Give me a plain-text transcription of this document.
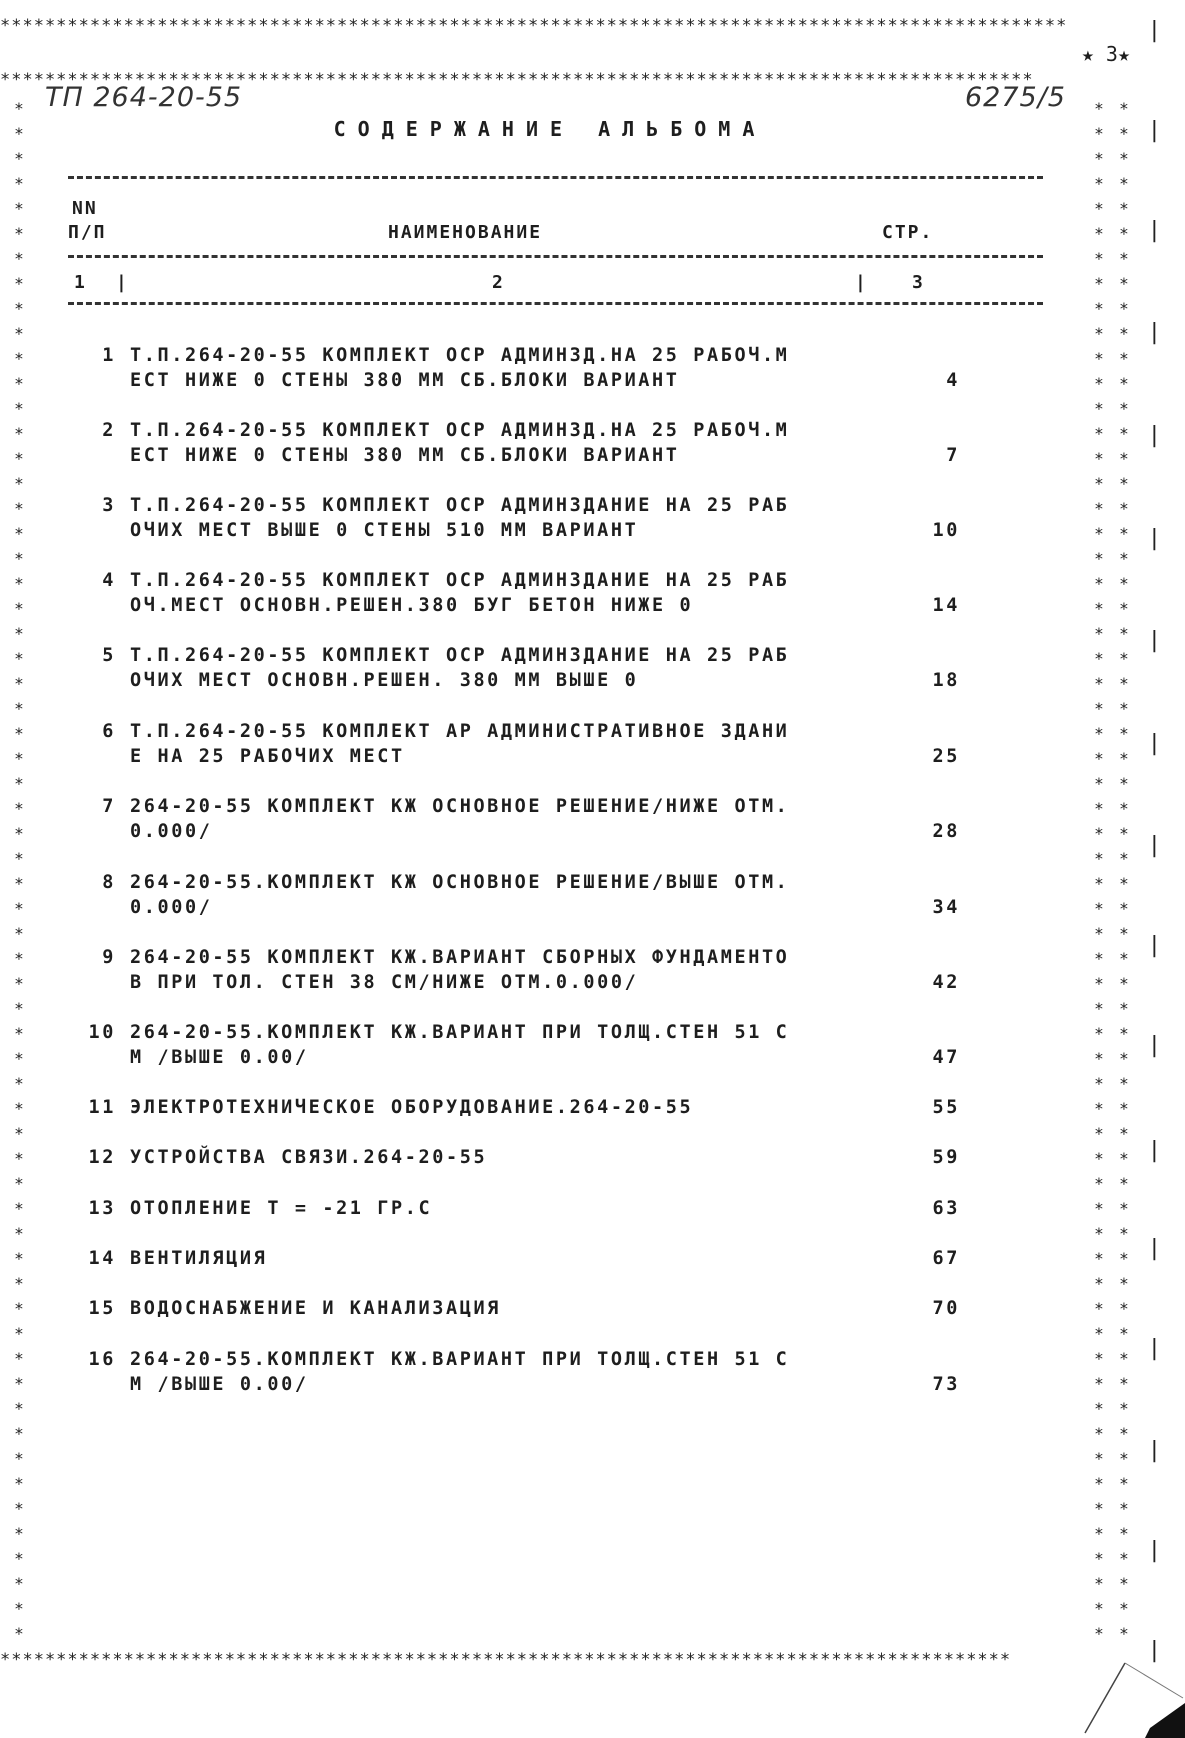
***********************************************************************************************
********************************************************************************************
******************************************************************************************
*
*
*
*
*
*
*
*
*
*
*
*
*
*
*
*
*
*
*
*
*
*
*
*
*
*
*
*
*
*
*
*
*
*
*
*
*
*
*
*
*
*
*
*
*
*
*
*
*
*
*
*
*
*
*
*
*
*
*
*
*
*
*
*
*
*
*
*
*
*
*
*
*
*
*
*
*
*
*
*
*
*
*
*
*
*
*
*
*
*
*
*
*
*
*
*
*
*
*
*
*
*
*
*
*
*
*
*
*
*
*
*
*
*
*
*
*
*
*
*
*
*
*
*
*
*
*
*
*
*
*
*
*
*
*
*
*
*
*
*
*
*
*
*
*
*
*
*
*
*
*
*
*
*
*
*
*
*
*
*
*
*
*
*
*
*
*
*
*
*
*
*
*
*
*
*
*
*
*
*
*
*
*
*
*
*
|
|
|
|
|
|
|
|
|
|
|
|
|
|
|
|
|
★ 3★
ТП 264-20-55	6275/5
СОДЕРЖАНИЕ АЛЬБОМА
NN
П/П	НАИМЕНОВАНИЕ	СТР.
1 |	2	| 3
1 Т.П.264-20-55 КОМПЛЕКТ ОСР АДМИНЗД.НА 25 РАБОЧ.М
ЕСТ НИЖЕ 0 СТЕНЫ 380 ММ СБ.БЛОКИ ВАРИАНТ	4
2 Т.П.264-20-55 КОМПЛЕКТ ОСР АДМИНЗД.НА 25 РАБОЧ.М
ЕСТ НИЖЕ 0 СТЕНЫ 380 ММ СБ.БЛОКИ ВАРИАНТ	7
3 Т.П.264-20-55 КОМПЛЕКТ ОСР АДМИНЗДАНИЕ НА 25 РАБ
ОЧИХ МЕСТ ВЫШЕ 0 СТЕНЫ 510 ММ ВАРИАНТ	10
4 Т.П.264-20-55 КОМПЛЕКТ ОСР АДМИНЗДАНИЕ НА 25 РАБ
ОЧ.МЕСТ ОСНОВН.РЕШЕН.380 БУГ БЕТОН НИЖЕ 0	14
5 Т.П.264-20-55 КОМПЛЕКТ ОСР АДМИНЗДАНИЕ НА 25 РАБ
ОЧИХ МЕСТ ОСНОВН.РЕШЕН. 380 ММ ВЫШЕ 0	18
6 Т.П.264-20-55 КОМПЛЕКТ АР АДМИНИСТРАТИВНОЕ ЗДАНИ
Е НА 25 РАБОЧИХ МЕСТ	25
7 264-20-55 КОМПЛЕКТ КЖ ОСНОВНОЕ РЕШЕНИЕ/НИЖЕ ОТМ.
0.000/	28
8 264-20-55.КОМПЛЕКТ КЖ ОСНОВНОЕ РЕШЕНИЕ/ВЫШЕ ОТМ.
0.000/	34
9 264-20-55 КОМПЛЕКТ КЖ.ВАРИАНТ СБОРНЫХ ФУНДАМЕНТО
В ПРИ ТОЛ. СТЕН 38 СМ/НИЖЕ ОТМ.0.000/	42
10 264-20-55.КОМПЛЕКТ КЖ.ВАРИАНТ ПРИ ТОЛЩ.СТЕН 51 С
М /ВЫШЕ 0.00/	47
11 ЭЛЕКТРОТЕХНИЧЕСКОЕ ОБОРУДОВАНИЕ.264-20-55	55
12 УСТРОЙСТВА СВЯЗИ.264-20-55	59
13 ОТОПЛЕНИЕ Т = -21 ГР.С	63
14 ВЕНТИЛЯЦИЯ	67
15 ВОДОСНАБЖЕНИЕ И КАНАЛИЗАЦИЯ	70
16 264-20-55.КОМПЛЕКТ КЖ.ВАРИАНТ ПРИ ТОЛЩ.СТЕН 51 С
М /ВЫШЕ 0.00/	73
